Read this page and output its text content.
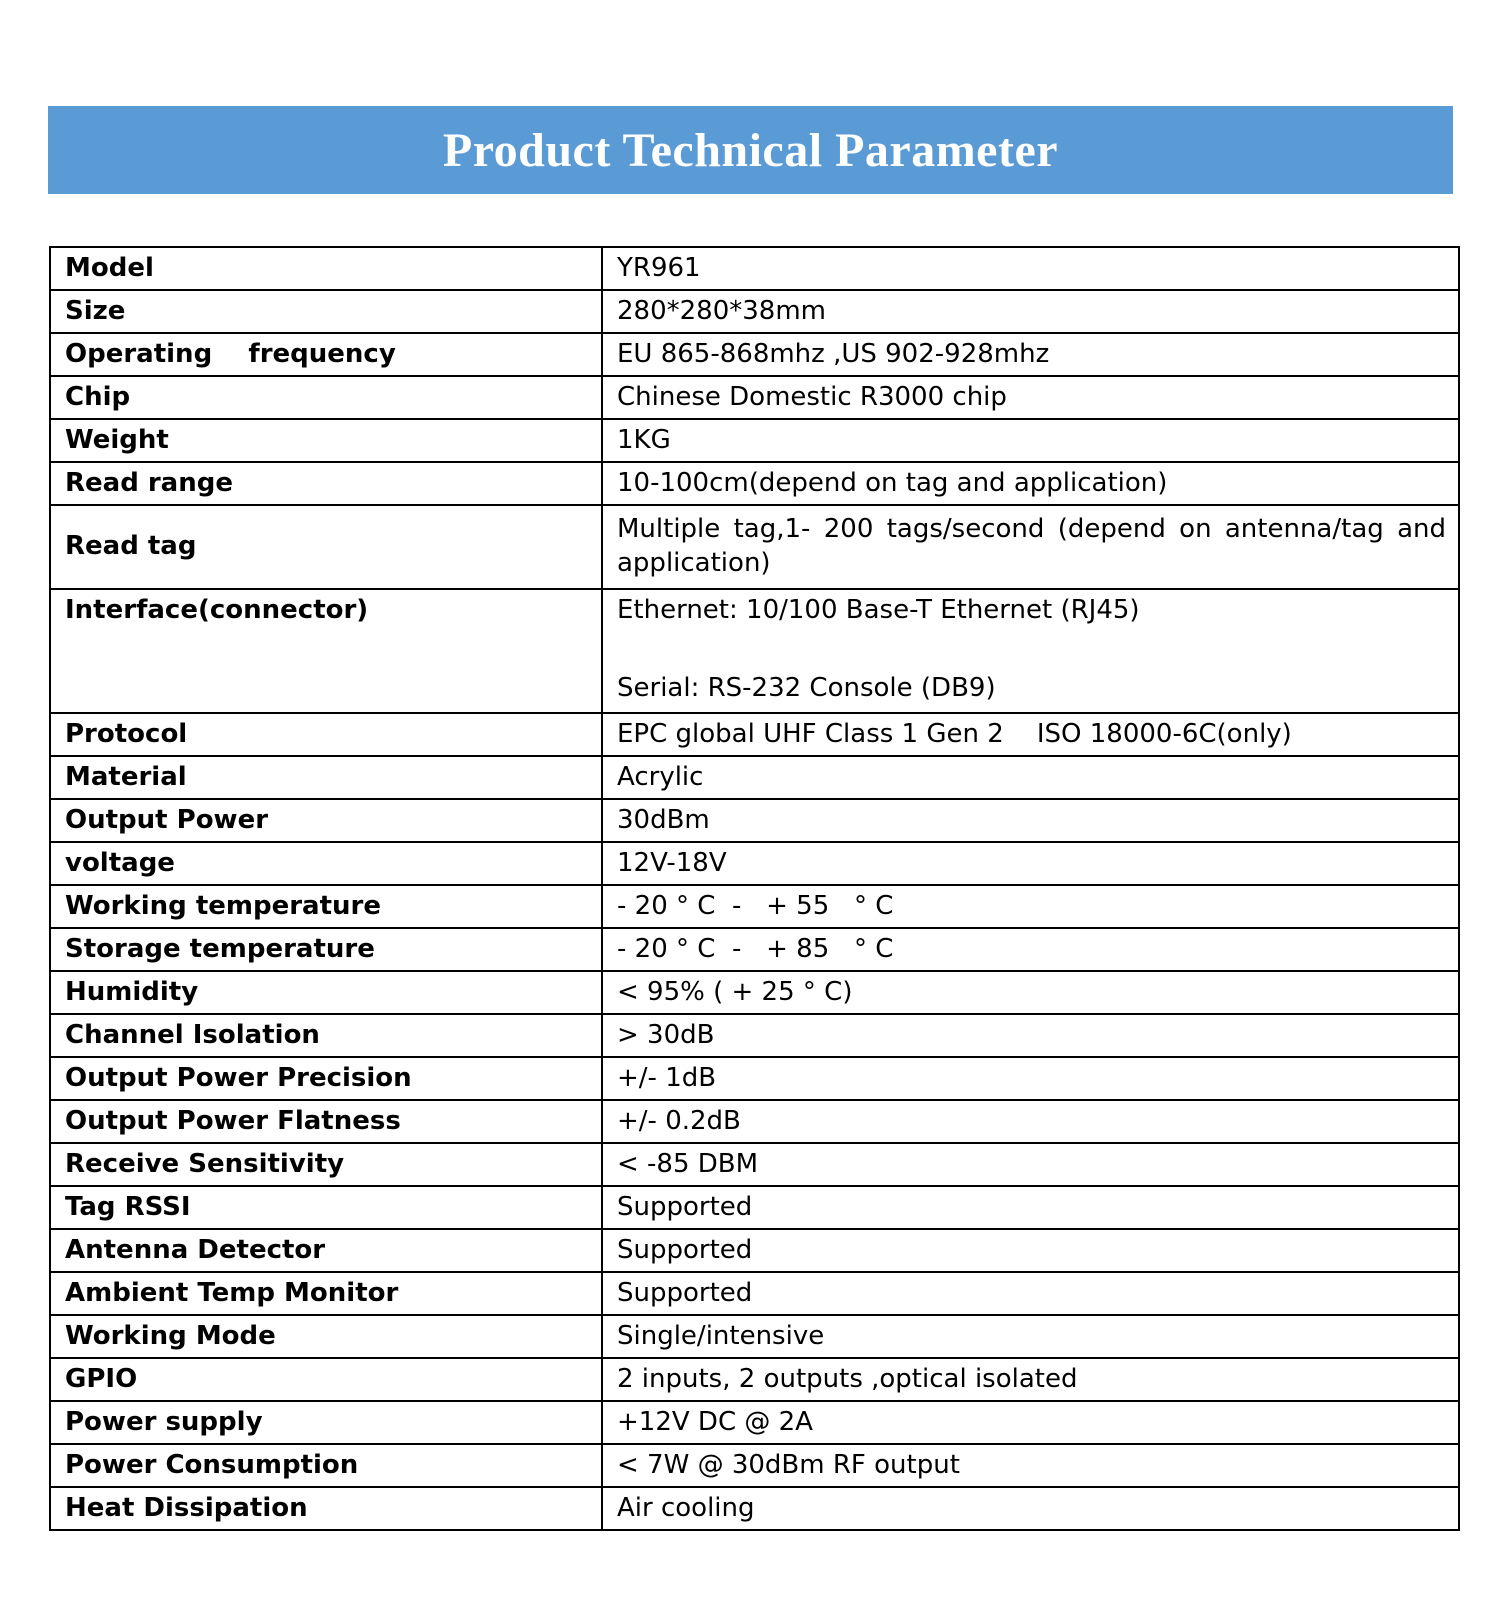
Product Technical Parameter
Model	YR961
Size	280*280*38mm
Operating    frequency	EU 865-868mhz ,US 902-928mhz
Chip	Chinese Domestic R3000 chip
Weight	1KG
Read range	10-100cm(depend on tag and application)
Read tag	Multiple tag,1- 200 tags/second (depend on antenna/tag and application)
Interface(connector)	Ethernet: 10/100 Base-T Ethernet (RJ45)
Serial: RS-232 Console (DB9)

Protocol	EPC global UHF Class 1 Gen 2    ISO 18000-6C(only)
Material	Acrylic
Output Power	30dBm
voltage	12V-18V
Working temperature	- 20 ° C  -   + 55   ° C
Storage temperature	- 20 ° C  -   + 85   ° C
Humidity	< 95% ( + 25 ° C)
Channel Isolation	> 30dB
Output Power Precision	+/- 1dB
Output Power Flatness	+/- 0.2dB
Receive Sensitivity	< -85 DBM
Tag RSSI	Supported
Antenna Detector	Supported
Ambient Temp Monitor	Supported
Working Mode	Single/intensive
GPIO	2 inputs, 2 outputs ,optical isolated
Power supply	+12V DC @ 2A
Power Consumption	< 7W @ 30dBm RF output
Heat Dissipation	Air cooling
